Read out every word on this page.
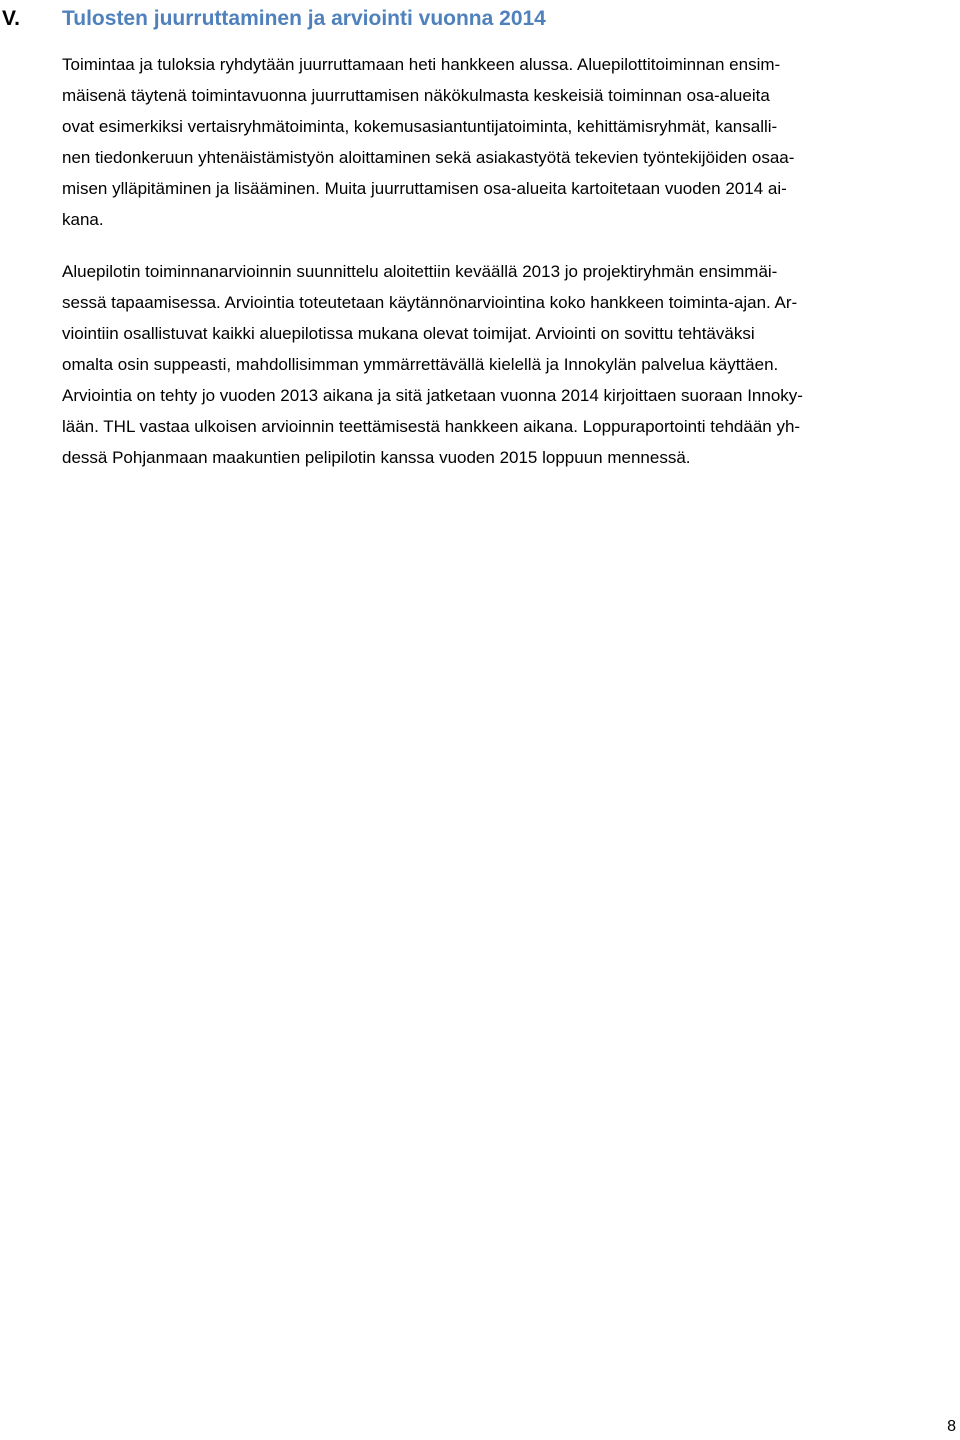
V.	Tulosten juurruttaminen ja arviointi vuonna 2014

Toimintaa ja tuloksia ryhdytään juurruttamaan heti hankkeen alussa. Aluepilottitoiminnan ensim-
mäisenä täytenä toimintavuonna juurruttamisen näkökulmasta keskeisiä toiminnan osa-alueita
ovat esimerkiksi vertaisryhmätoiminta, kokemusasiantuntijatoiminta, kehittämisryhmät, kansalli-
nen tiedonkeruun yhtenäistämistyön aloittaminen sekä asiakastyötä tekevien työntekijöiden osaa-
misen ylläpitäminen ja lisääminen. Muita juurruttamisen osa-alueita kartoitetaan vuoden 2014 ai-
kana.

Aluepilotin toiminnanarvioinnin suunnittelu aloitettiin keväällä 2013 jo projektiryhmän ensimmäi-
sessä tapaamisessa. Arviointia toteutetaan käytännönarviointina koko hankkeen toiminta-ajan. Ar-
viointiin osallistuvat kaikki aluepilotissa mukana olevat toimijat. Arviointi on sovittu tehtäväksi
omalta osin suppeasti, mahdollisimman ymmärrettävällä kielellä ja Innokylän palvelua käyttäen.
Arviointia on tehty jo vuoden 2013 aikana ja sitä jatketaan vuonna 2014 kirjoittaen suoraan Innoky-
lään. THL vastaa ulkoisen arvioinnin teettämisestä hankkeen aikana. Loppuraportointi tehdään yh-
dessä Pohjanmaan maakuntien pelipilotin kanssa vuoden 2015 loppuun mennessä.

8
